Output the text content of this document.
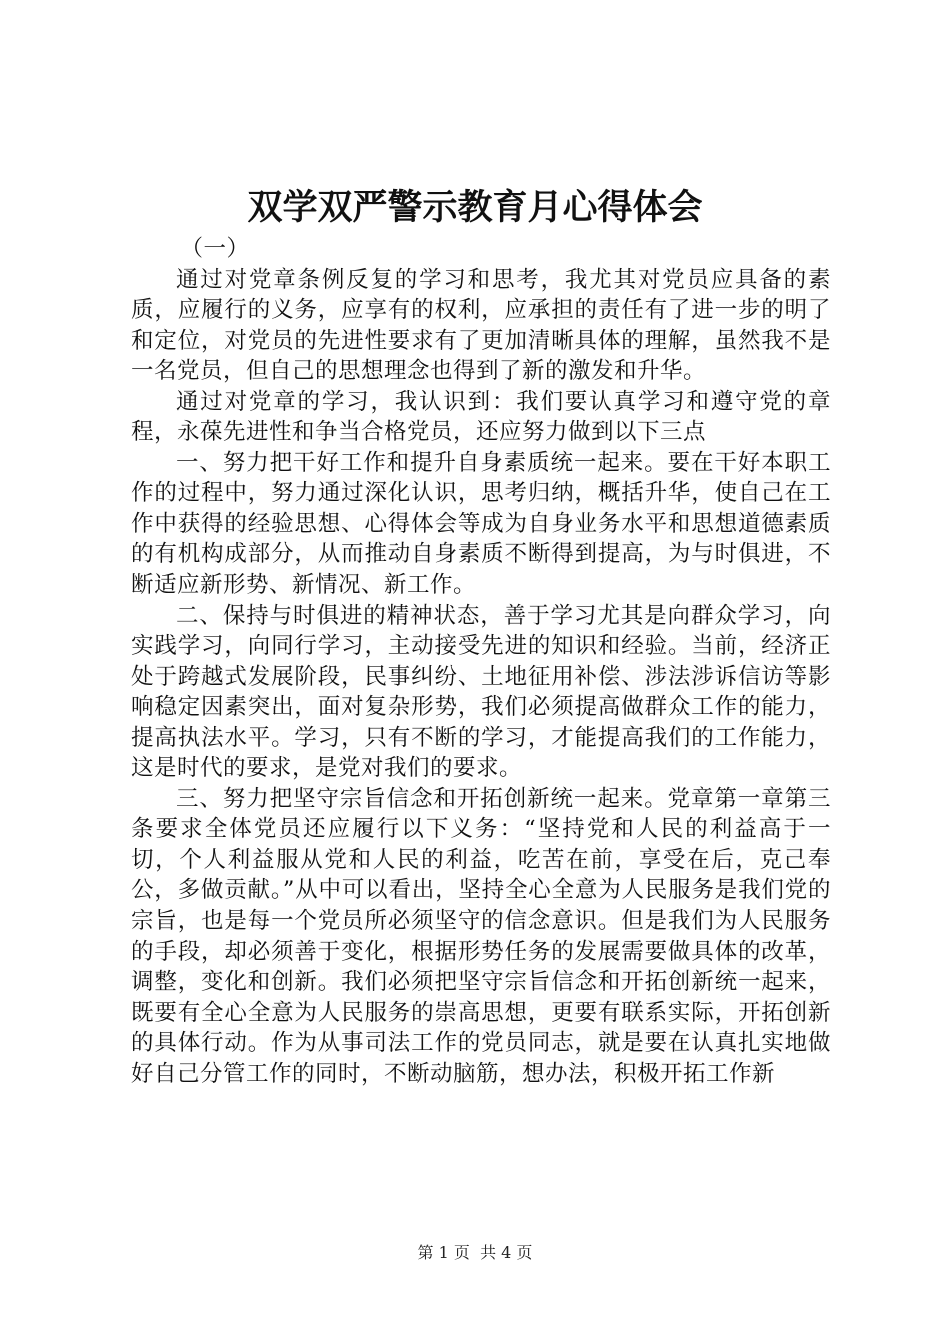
双学双严警示教育月心得体会

（一）

通过对党章条例反复的学习和思考，我尤其对党员应具备的素质，应履行的义务，应享有的权利，应承担的责任有了进一步的明了和定位，对党员的先进性要求有了更加清晰具体的理解，虽然我不是一名党员，但自己的思想理念也得到了新的激发和升华。

通过对党章的学习，我认识到：我们要认真学习和遵守党的章程，永葆先进性和争当合格党员，还应努力做到以下三点

一、努力把干好工作和提升自身素质统一起来。要在干好本职工作的过程中，努力通过深化认识，思考归纳，概括升华，使自己在工作中获得的经验思想、心得体会等成为自身业务水平和思想道德素质的有机构成部分，从而推动自身素质不断得到提高，为与时俱进，不断适应新形势、新情况、新工作。

二、保持与时俱进的精神状态，善于学习尤其是向群众学习，向实践学习，向同行学习，主动接受先进的知识和经验。当前，经济正处于跨越式发展阶段，民事纠纷、土地征用补偿、涉法涉诉信访等影响稳定因素突出，面对复杂形势，我们必须提高做群众工作的能力，提高执法水平。学习，只有不断的学习，才能提高我们的工作能力，这是时代的要求，是党对我们的要求。

三、努力把坚守宗旨信念和开拓创新统一起来。党章第一章第三条要求全体党员还应履行以下义务：“坚持党和人民的利益高于一切，个人利益服从党和人民的利益，吃苦在前，享受在后，克己奉公，多做贡献。”从中可以看出，坚持全心全意为人民服务是我们党的宗旨，也是每一个党员所必须坚守的信念意识。但是我们为人民服务的手段，却必须善于变化，根据形势任务的发展需要做具体的改革，调整，变化和创新。我们必须把坚守宗旨信念和开拓创新统一起来，既要有全心全意为人民服务的崇高思想，更要有联系实际，开拓创新的具体行动。作为从事司法工作的党员同志，就是要在认真扎实地做好自己分管工作的同时，不断动脑筋，想办法，积极开拓工作新

第 1 页  共 4 页
